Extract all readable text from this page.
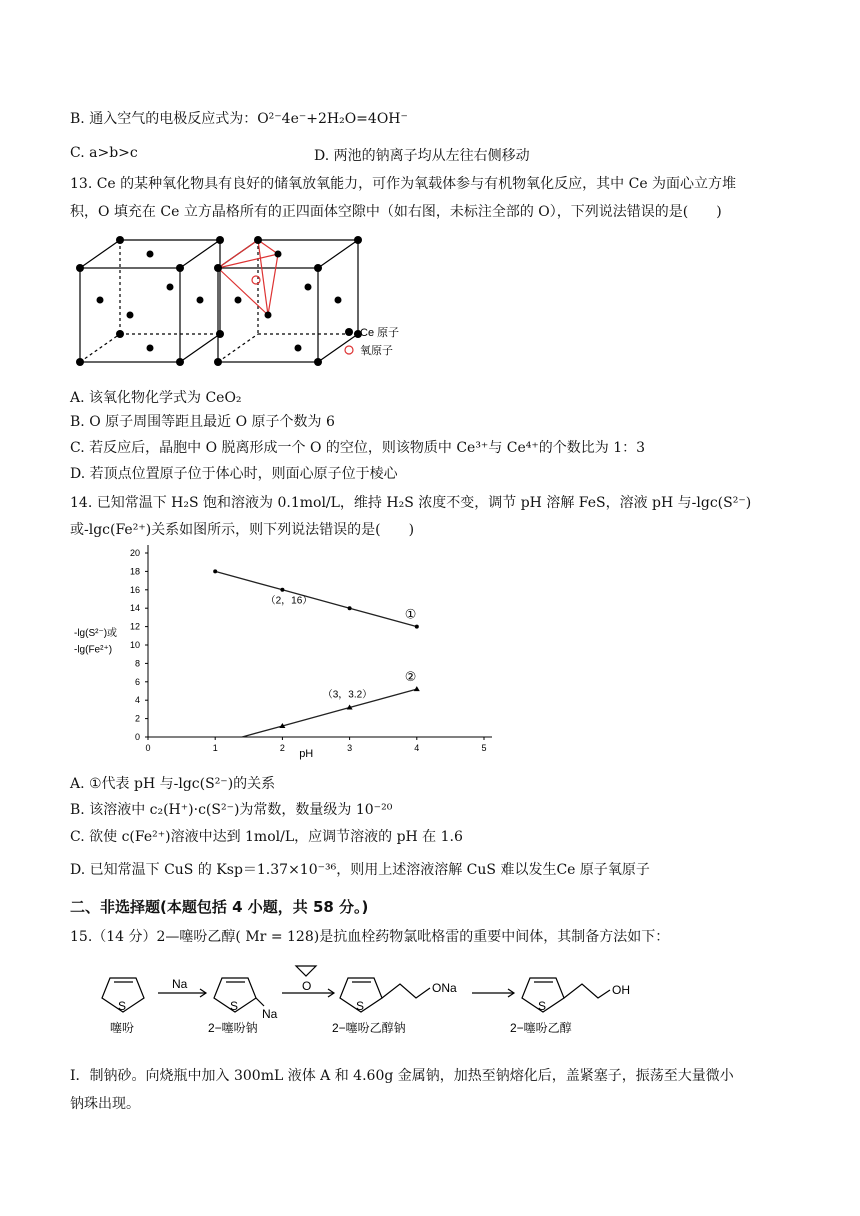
B. 通入空气的电极反应式为：O²⁻4e⁻+2H₂O=4OH⁻
C. a>b>c	D. 两池的钠离子均从左往右侧移动
13. Ce 的某种氧化物具有良好的储氧放氧能力，可作为氧载体参与有机物氧化反应，其中 Ce 为面心立方堆
积，O 填充在 Ce 立方晶格所有的正四面体空隙中（如右图，未标注全部的 O），下列说法错误的是(　　)
Ce 原子
氧原子
A. 该氧化物化学式为 CeO₂
B. O 原子周围等距且最近 O 原子个数为 6
C. 若反应后，晶胞中 O 脱离形成一个 O 的空位，则该物质中 Ce³⁺与 Ce⁴⁺的个数比为 1：3
D. 若顶点位置原子位于体心时，则面心原子位于棱心
14. 已知常温下 H₂S 饱和溶液为 0.1mol/L，维持 H₂S 浓度不变，调节 pH 溶解 FeS，溶液 pH 与-lgc(S²⁻)
或-lgc(Fe²⁺)关系如图所示，则下列说法错误的是(　　)
0	1	2	3	4	5
0
2
4
6
8
10
12
14
16
18
20
pH
-lg(S²⁻)或
-lg(Fe²⁺)
①
②
（2，16）
（3，3.2）
A. ①代表 pH 与-lgc(S²⁻)的关系
B. 该溶液中 c₂(H⁺)·c(S²⁻)为常数，数量级为 10⁻²⁰
C. 欲使 c(Fe²⁺)溶液中达到 1mol/L，应调节溶液的 pH 在 1.6
D. 已知常温下 CuS 的 Ksp＝1.37×10⁻³⁶，则用上述溶液溶解 CuS 难以发生Ce 原子氧原子
二、非选择题(本题包括 4 小题，共 58 分。)
15.（14 分）2—噻吩乙醇( Mr = 128)是抗血栓药物氯吡格雷的重要中间体，其制备方法如下：
S
Na
S
Na
O
S
ONa
S
OH
噻吩	2−噻吩钠	2−噻吩乙醇钠	2−噻吩乙醇
Ⅰ．制钠砂。向烧瓶中加入 300mL 液体 A 和 4.60g 金属钠，加热至钠熔化后，盖紧塞子，振荡至大量微小
钠珠出现。
